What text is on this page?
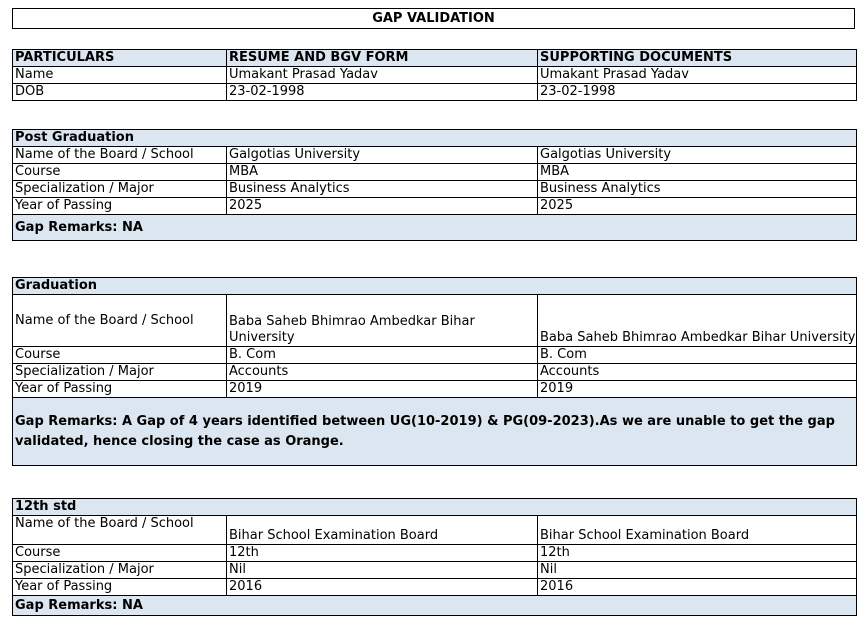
GAP VALIDATION
PARTICULARS	RESUME AND BGV FORM	SUPPORTING DOCUMENTS
Name	Umakant Prasad Yadav	Umakant Prasad Yadav
DOB	23-02-1998	23-02-1998
Post Graduation		
Name of the Board / School	Galgotias University	Galgotias University
Course	MBA	MBA
Specialization / Major	Business Analytics	Business Analytics
Year of Passing	2025	2025
Gap Remarks: NA		
Graduation		
Name of the Board / School	Baba Saheb Bhimrao Ambedkar Bihar University	Baba Saheb Bhimrao Ambedkar Bihar University
Course	B. Com	B. Com
Specialization / Major	Accounts	Accounts
Year of Passing	2019	2019
Gap Remarks: A Gap of 4 years identified between UG(10-2019) & PG(09-2023).As we are unable to get the gap validated, hence closing the case as Orange.		
12th std		
Name of the Board / School	Bihar School Examination Board	Bihar School Examination Board
Course	12th	12th
Specialization / Major	Nil	Nil
Year of Passing	2016	2016
Gap Remarks: NA		
